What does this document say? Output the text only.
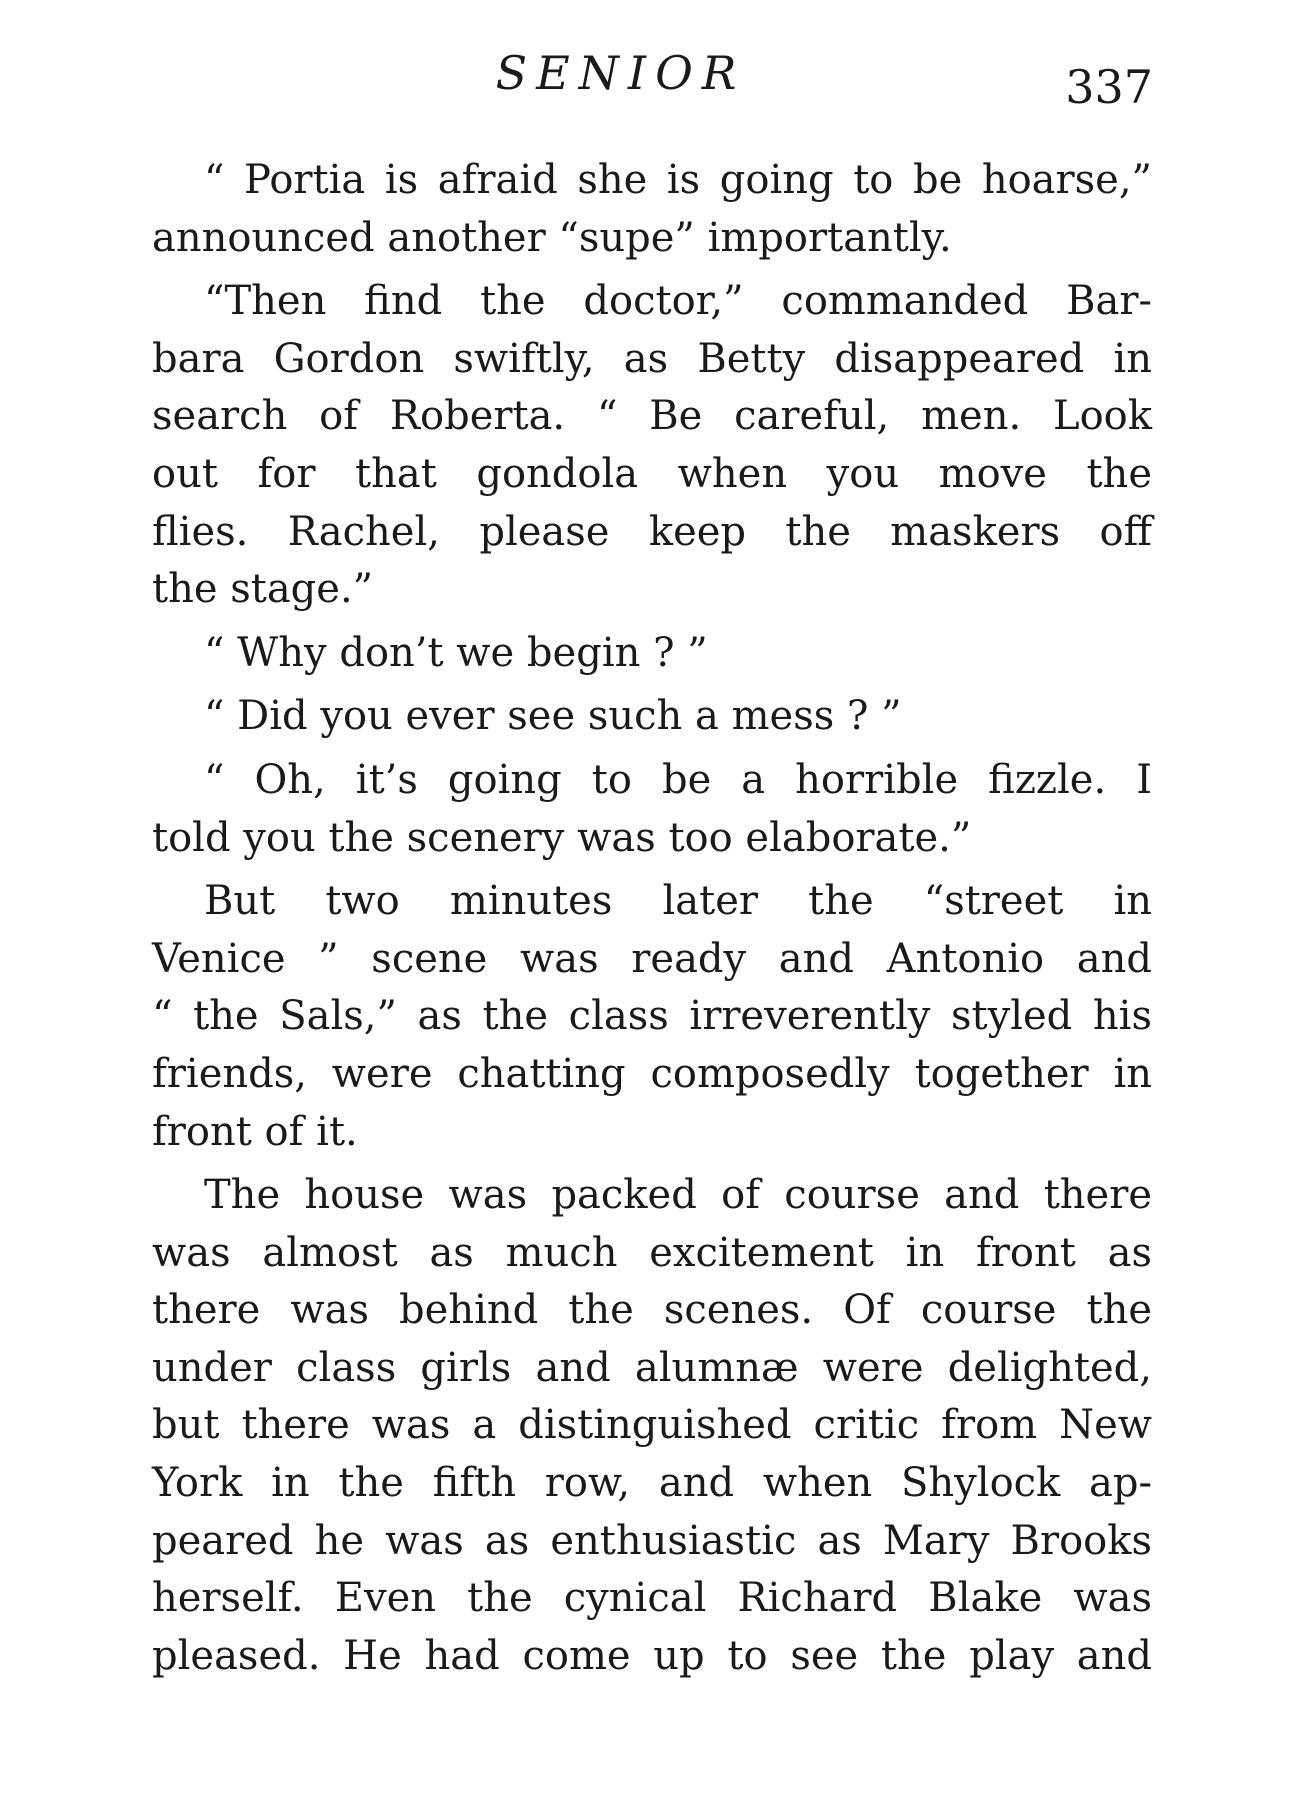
SENIOR	337
“ Portia is afraid she is going to be hoarse,”
announced another “supe” importantly.
“Then find the doctor,” commanded Bar-
bara Gordon swiftly, as Betty disappeared in
search of Roberta. “ Be careful, men. Look
out for that gondola when you move the
flies. Rachel, please keep the maskers off
the stage.”
“ Why don’t we begin ? ”
“ Did you ever see such a mess ? ”
“ Oh, it’s going to be a horrible fizzle. I
told you the scenery was too elaborate.”
But two minutes later the “street in
Venice ” scene was ready and Antonio and
“ the Sals,” as the class irreverently styled his
friends, were chatting composedly together in
front of it.
The house was packed of course and there
was almost as much excitement in front as
there was behind the scenes. Of course the
under class girls and alumnæ were delighted,
but there was a distinguished critic from New
York in the fifth row, and when Shylock ap-
peared he was as enthusiastic as Mary Brooks
herself. Even the cynical Richard Blake was
pleased. He had come up to see the play and
